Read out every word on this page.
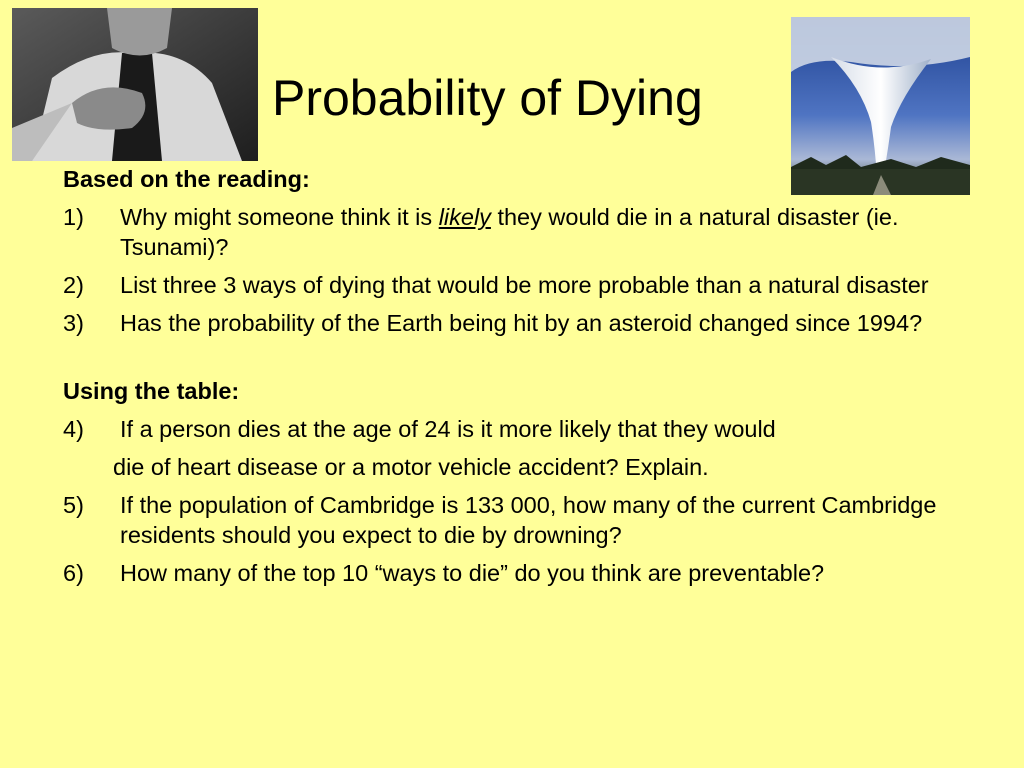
Probability of Dying
Based on the reading:
1)	Why might someone think it is likely they would die in a natural disaster (ie. Tsunami)?
2)	List three 3 ways of dying that would be more probable than a natural disaster
3)	Has the probability of the Earth being hit by an asteroid changed since 1994?
Using the table:
4)	If a person dies at the age of 24 is it more likely that they would
die of heart disease or a motor vehicle accident? Explain.
5)	If the population of Cambridge is 133 000, how many of the current Cambridge residents should you expect to die by drowning?
6)	How many of the top 10 “ways to die” do you think are preventable?
